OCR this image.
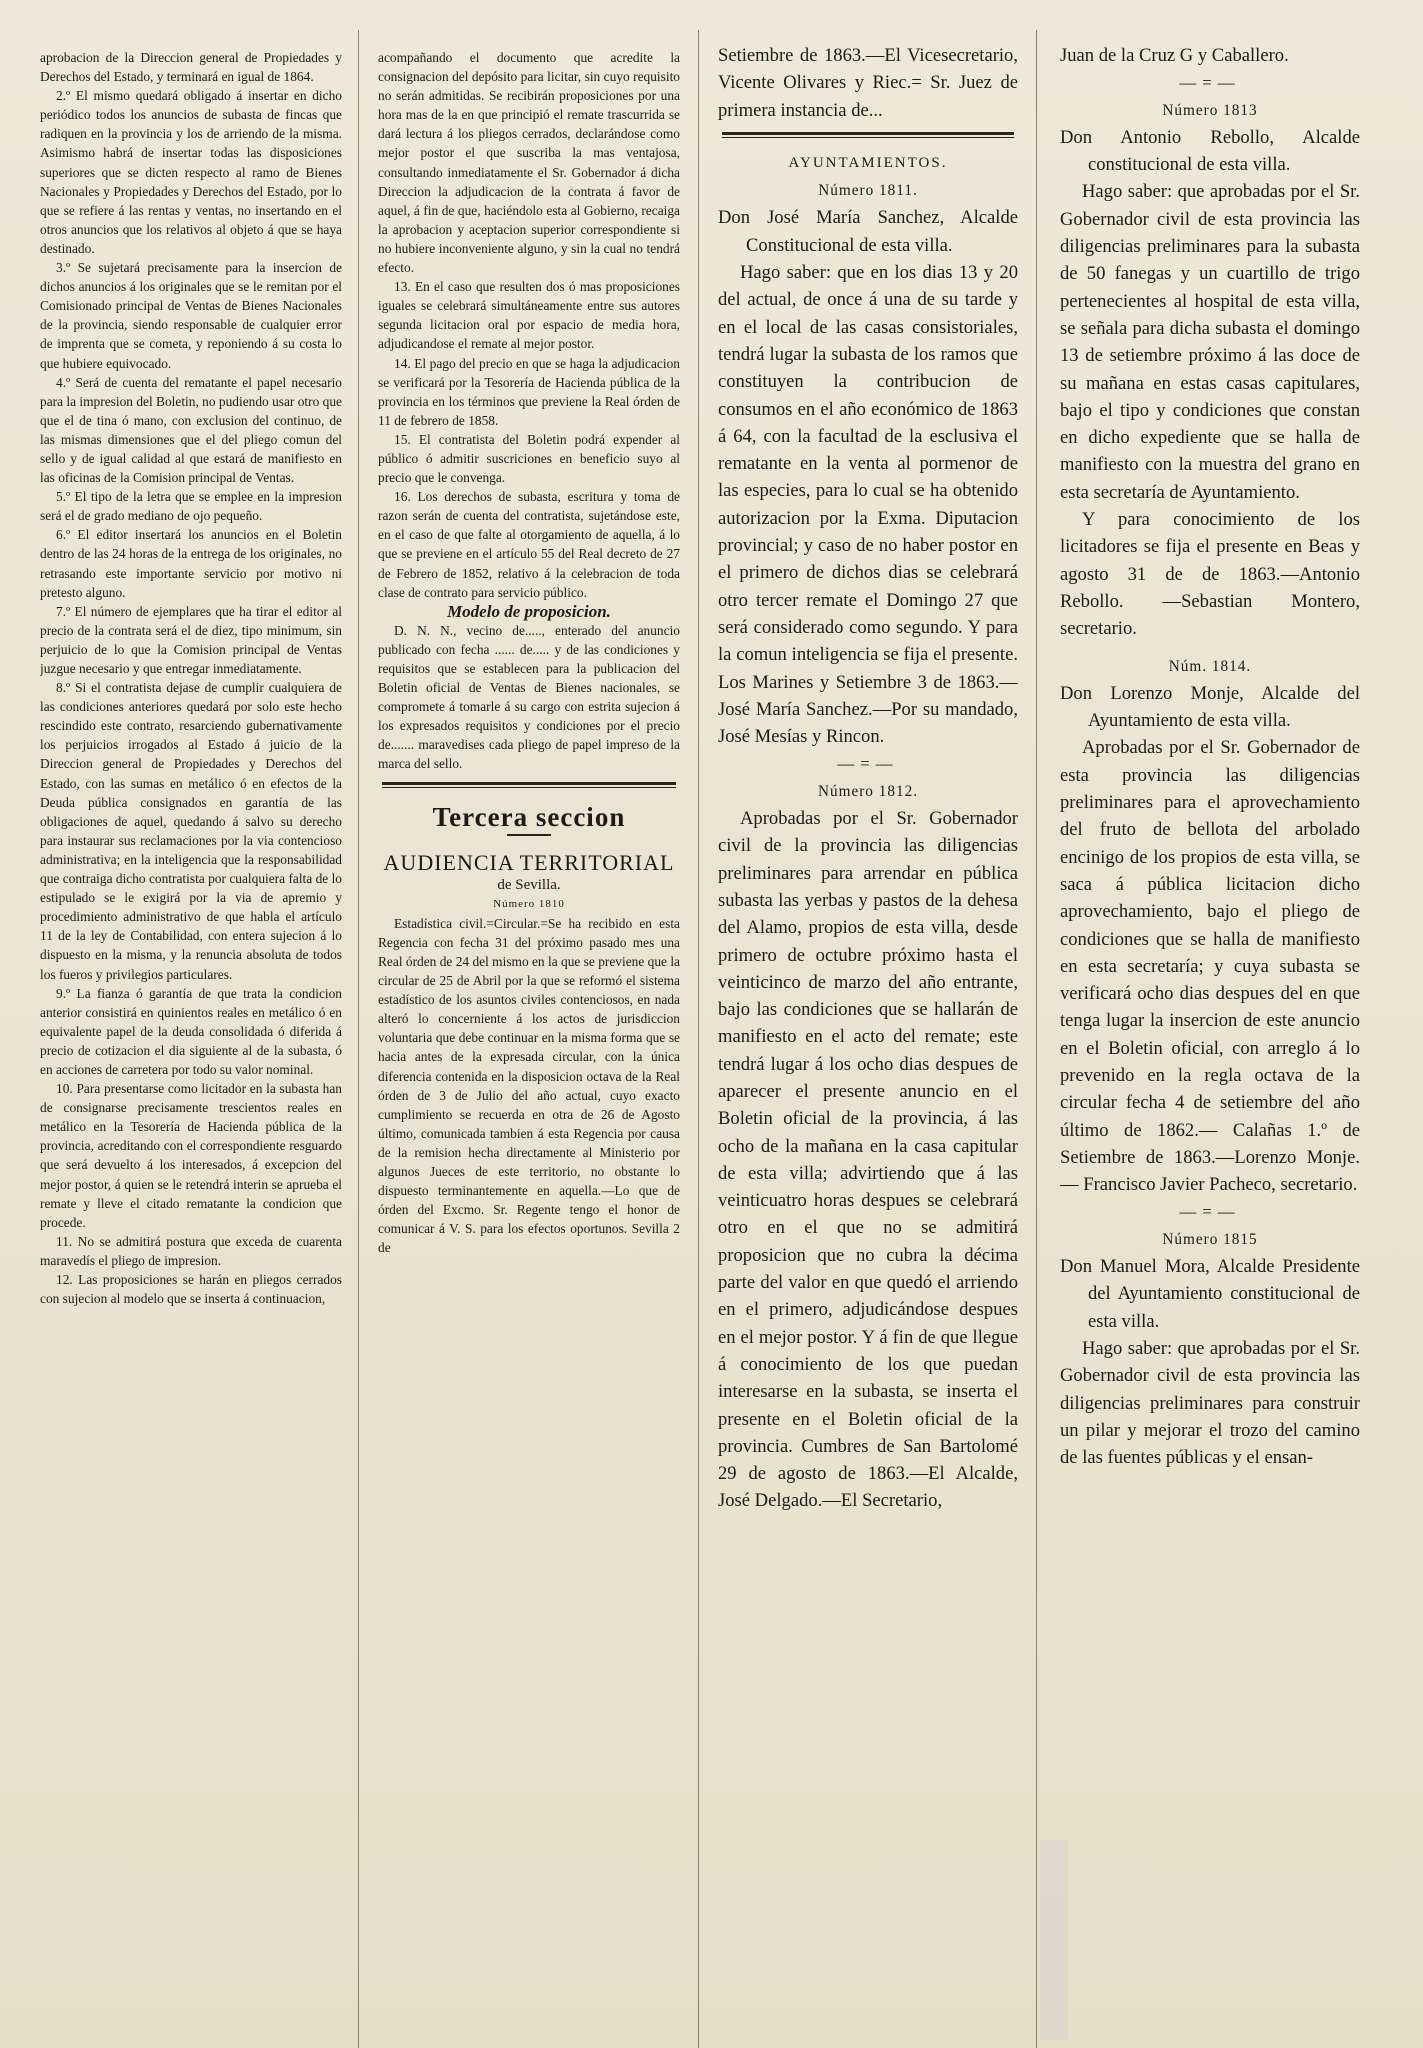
aprobacion de la Direccion general de Propiedades y Derechos del Estado, y terminará en igual de 1864.

2.º El mismo quedará obligado á insertar en dicho periódico todos los anuncios de subasta de fincas que radiquen en la provincia y los de arriendo de la misma. Asimismo habrá de insertar todas las disposiciones superiores que se dicten respecto al ramo de Bienes Nacionales y Propiedades y Derechos del Estado, por lo que se refiere á las rentas y ventas, no insertando en el otros anuncios que los relativos al objeto á que se haya destinado.

3.º Se sujetará precisamente para la insercion de dichos anuncios á los originales que se le remitan por el Comisionado principal de Ventas de Bienes Nacionales de la provincia, siendo responsable de cualquier error de imprenta que se cometa, y reponiendo á su costa lo que hubiere equivocado.

4.º Será de cuenta del rematante el papel necesario para la impresion del Boletin, no pudiendo usar otro que que el de tina ó mano, con exclusion del continuo, de las mismas dimensiones que el del pliego comun del sello y de igual calidad al que estará de manifiesto en las oficinas de la Comision principal de Ventas.

5.º El tipo de la letra que se emplee en la impresion será el de grado mediano de ojo pequeño.

6.º El editor insertará los anuncios en el Boletin dentro de las 24 horas de la entrega de los originales, no retrasando este importante servicio por motivo ni pretesto alguno.

7.º El número de ejemplares que ha tirar el editor al precio de la contrata será el de diez, tipo minimum, sin perjuicio de lo que la Comision principal de Ventas juzgue necesario y que entregar inmediatamente.

8.º Si el contratista dejase de cumplir cualquiera de las condiciones anteriores quedará por solo este hecho rescindido este contrato, resarciendo gubernativamente los perjuicios irrogados al Estado á juicio de la Direccion general de Propiedades y Derechos del Estado, con las sumas en metálico ó en efectos de la Deuda pública consignados en garantía de las obligaciones de aquel, quedando á salvo su derecho para instaurar sus reclamaciones por la via contencioso administrativa; en la inteligencia que la responsabilidad que contraiga dicho contratista por cualquiera falta de lo estipulado se le exigirá por la via de apremio y procedimiento administrativo de que habla el artículo 11 de la ley de Contabilidad, con entera sujecion á lo dispuesto en la misma, y la renuncia absoluta de todos los fueros y privilegios particulares.

9.º La fianza ó garantía de que trata la condicion anterior consistirá en quinientos reales en metálico ó en equivalente papel de la deuda consolidada ó diferida á precio de cotizacion el dia siguiente al de la subasta, ó en acciones de carretera por todo su valor nominal.

10. Para presentarse como licitador en la subasta han de consignarse precisamente trescientos reales en metálico en la Tesorería de Hacienda pública de la provincia, acreditando con el correspondiente resguardo que será devuelto á los interesados, á excepcion del mejor postor, á quien se le retendrá interin se aprueba el remate y lleve el citado rematante la condicion que procede.

11. No se admitirá postura que exceda de cuarenta maravedís el pliego de impresion.

12. Las proposiciones se harán en pliegos cerrados con sujecion al modelo que se inserta á continuacion,

acompañando el documento que acredite la consignacion del depósito para licitar, sin cuyo requisito no serán admitidas. Se recibirán proposiciones por una hora mas de la en que principió el remate trascurrida se dará lectura á los pliegos cerrados, declarándose como mejor postor el que suscriba la mas ventajosa, consultando inmediatamente el Sr. Gobernador á dicha Direccion la adjudicacion de la contrata á favor de aquel, á fin de que, haciéndolo esta al Gobierno, recaiga la aprobacion y aceptacion superior correspondiente si no hubiere inconveniente alguno, y sin la cual no tendrá efecto.

13. En el caso que resulten dos ó mas proposiciones iguales se celebrará simultáneamente entre sus autores segunda licitacion oral por espacio de media hora, adjudicandose el remate al mejor postor.

14. El pago del precio en que se haga la adjudicacion se verificará por la Tesorería de Hacienda pública de la provincia en los términos que previene la Real órden de 11 de febrero de 1858.

15. El contratista del Boletin podrá expender al público ó admitir suscriciones en beneficio suyo al precio que le convenga.

16. Los derechos de subasta, escritura y toma de razon serán de cuenta del contratista, sujetándose este, en el caso de que falte al otorgamiento de aquella, á lo que se previene en el artículo 55 del Real decreto de 27 de Febrero de 1852, relativo á la celebracion de toda clase de contrato para servicio público.

Modelo de proposicion.

D. N. N., vecino de....., enterado del anuncio publicado con fecha ...... de..... y de las condiciones y requisitos que se establecen para la publicacion del Boletin oficial de Ventas de Bienes nacionales, se compromete á tomarle á su cargo con estrita sujecion á los expresados requisitos y condiciones por el precio de....... maravedises cada pliego de papel impreso de la marca del sello.

Tercera seccion

AUDIENCIA TERRITORIAL

de Sevilla.

Número 1810

Estadística civil.=Circular.=Se ha recibido en esta Regencia con fecha 31 del próximo pasado mes una Real órden de 24 del mismo en la que se previene que la circular de 25 de Abril por la que se reformó el sistema estadístico de los asuntos civiles contenciosos, en nada alteró lo concerniente á los actos de jurisdiccion voluntaria que debe continuar en la misma forma que se hacia antes de la expresada circular, con la única diferencia contenida en la disposicion octava de la Real órden de 3 de Julio del año actual, cuyo exacto cumplimiento se recuerda en otra de 26 de Agosto último, comunicada tambien á esta Regencia por causa de la remision hecha directamente al Ministerio por algunos Jueces de este territorio, no obstante lo dispuesto terminantemente en aquella.—Lo que de órden del Excmo. Sr. Regente tengo el honor de comunicar á V. S. para los efectos oportunos. Sevilla 2 de

Setiembre de 1863.—El Vicesecretario, Vicente Olivares y Riec.= Sr. Juez de primera instancia de...

AYUNTAMIENTOS.

Número 1811.

Don José María Sanchez, Alcalde Constitucional de esta villa.

Hago saber: que en los dias 13 y 20 del actual, de once á una de su tarde y en el local de las casas consistoriales, tendrá lugar la subasta de los ramos que constituyen la contribucion de consumos en el año económico de 1863 á 64, con la facultad de la esclusiva el rematante en la venta al pormenor de las especies, para lo cual se ha obtenido autorizacion por la Exma. Diputacion provincial; y caso de no haber postor en el primero de dichos dias se celebrará otro tercer remate el Domingo 27 que será considerado como segundo. Y para la comun inteligencia se fija el presente. Los Marines y Setiembre 3 de 1863.—José María Sanchez.—Por su mandado, José Mesías y Rincon.

—=—

Número 1812.

Aprobadas por el Sr. Gobernador civil de la provincia las diligencias preliminares para arrendar en pública subasta las yerbas y pastos de la dehesa del Alamo, propios de esta villa, desde primero de octubre próximo hasta el veinticinco de marzo del año entrante, bajo las condiciones que se hallarán de manifiesto en el acto del remate; este tendrá lugar á los ocho dias despues de aparecer el presente anuncio en el Boletin oficial de la provincia, á las ocho de la mañana en la casa capitular de esta villa; advirtiendo que á las veinticuatro horas despues se celebrará otro en el que no se admitirá proposicion que no cubra la décima parte del valor en que quedó el arriendo en el primero, adjudicándose despues en el mejor postor. Y á fin de que llegue á conocimiento de los que puedan interesarse en la subasta, se inserta el presente en el Boletin oficial de la provincia. Cumbres de San Bartolomé 29 de agosto de 1863.—El Alcalde, José Delgado.—El Secretario,

Juan de la Cruz G y Caballero.

—=—

Número 1813

Don Antonio Rebollo, Alcalde constitucional de esta villa.

Hago saber: que aprobadas por el Sr. Gobernador civil de esta provincia las diligencias preliminares para la subasta de 50 fanegas y un cuartillo de trigo pertenecientes al hospital de esta villa, se señala para dicha subasta el domingo 13 de setiembre próximo á las doce de su mañana en estas casas capitulares, bajo el tipo y condiciones que constan en dicho expediente que se halla de manifiesto con la muestra del grano en esta secretaría de Ayuntamiento.

Y para conocimiento de los licitadores se fija el presente en Beas y agosto 31 de de 1863.—Antonio Rebollo. —Sebastian Montero, secretario.

Núm. 1814.

Don Lorenzo Monje, Alcalde del Ayuntamiento de esta villa.

Aprobadas por el Sr. Gobernador de esta provincia las diligencias preliminares para el aprovechamiento del fruto de bellota del arbolado encinigo de los propios de esta villa, se saca á pública licitacion dicho aprovechamiento, bajo el pliego de condiciones que se halla de manifiesto en esta secretaría; y cuya subasta se verificará ocho dias despues del en que tenga lugar la insercion de este anuncio en el Boletin oficial, con arreglo á lo prevenido en la regla octava de la circular fecha 4 de setiembre del año último de 1862.— Calañas 1.º de Setiembre de 1863.—Lorenzo Monje.— Francisco Javier Pacheco, secretario.

—=—

Número 1815

Don Manuel Mora, Alcalde Presidente del Ayuntamiento constitucional de esta villa.

Hago saber: que aprobadas por el Sr. Gobernador civil de esta provincia las diligencias preliminares para construir un pilar y mejorar el trozo del camino de las fuentes públicas y el ensan-
